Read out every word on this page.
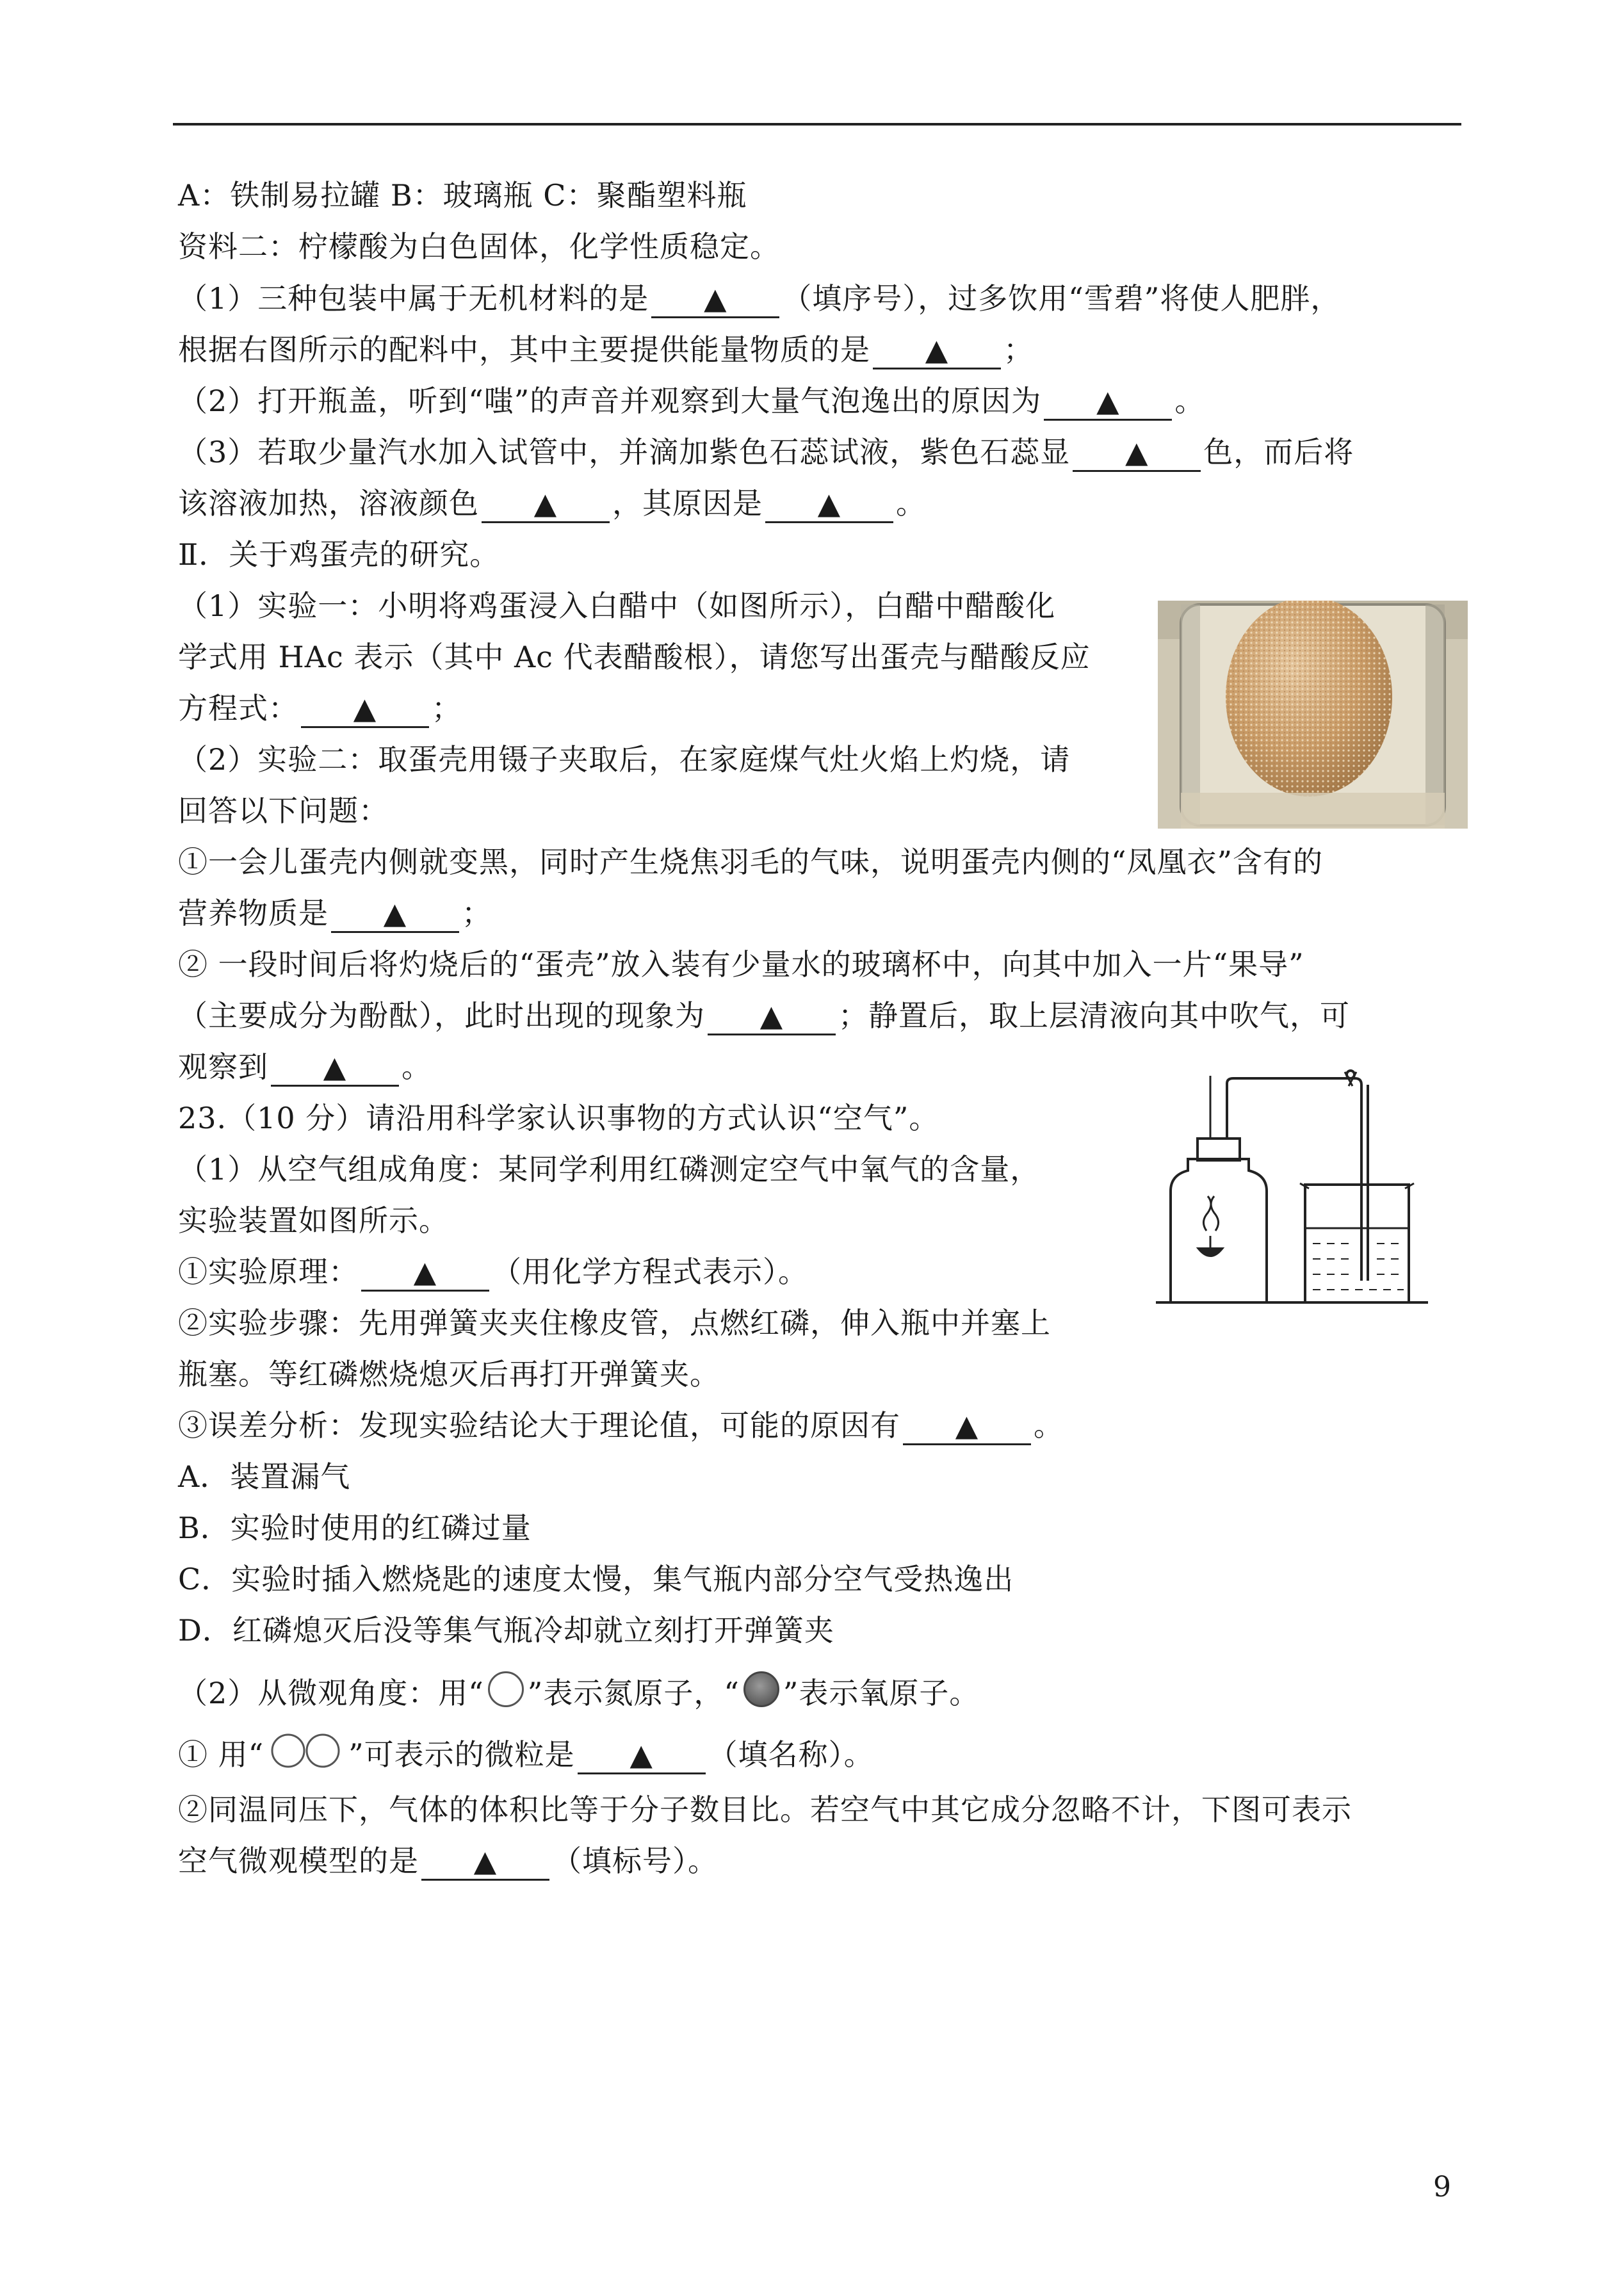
A：铁制易拉罐 B：玻璃瓶 C：聚酯塑料瓶
资料二：柠檬酸为白色固体，化学性质稳定。
（1）三种包装中属于无机材料的是 ▲ （填序号），过多饮用“雪碧”将使人肥胖，
根据右图所示的配料中，其中主要提供能量物质的是 ▲ ；
（2）打开瓶盖，听到“嗤”的声音并观察到大量气泡逸出的原因为 ▲ 。
（3）若取少量汽水加入试管中，并滴加紫色石蕊试液，紫色石蕊显 ▲ 色，而后将
该溶液加热，溶液颜色 ▲ ，其原因是 ▲ 。
Ⅱ．关于鸡蛋壳的研究。
（1）实验一：小明将鸡蛋浸入白醋中（如图所示），白醋中醋酸化
学式用 HAc 表示（其中 Ac 代表醋酸根），请您写出蛋壳与醋酸反应
方程式： ▲ ；
（2）实验二：取蛋壳用镊子夹取后，在家庭煤气灶火焰上灼烧，请
回答以下问题：
①一会儿蛋壳内侧就变黑，同时产生烧焦羽毛的气味，说明蛋壳内侧的“凤凰衣”含有的
营养物质是 ▲ ；
② 一段时间后将灼烧后的“蛋壳”放入装有少量水的玻璃杯中，向其中加入一片“果导”
（主要成分为酚酞），此时出现的现象为 ▲ ；静置后，取上层清液向其中吹气，可
观察到 ▲ 。
23.（10 分）请沿用科学家认识事物的方式认识“空气”。
（1）从空气组成角度：某同学利用红磷测定空气中氧气的含量，
实验装置如图所示。
①实验原理： ▲ （用化学方程式表示）。
②实验步骤：先用弹簧夹夹住橡皮管，点燃红磷，伸入瓶中并塞上
瓶塞。等红磷燃烧熄灭后再打开弹簧夹。
③误差分析：发现实验结论大于理论值，可能的原因有 ▲ 。
A．装置漏气
B．实验时使用的红磷过量
C．实验时插入燃烧匙的速度太慢，集气瓶内部分空气受热逸出
D．红磷熄灭后没等集气瓶冷却就立刻打开弹簧夹
（2）从微观角度：用“ ”表示氮原子，“ ”表示氧原子。
① 用“	”可表示的微粒是 ▲ （填名称）。
②同温同压下，气体的体积比等于分子数目比。若空气中其它成分忽略不计，下图可表示
空气微观模型的是 ▲ （填标号）。
9
